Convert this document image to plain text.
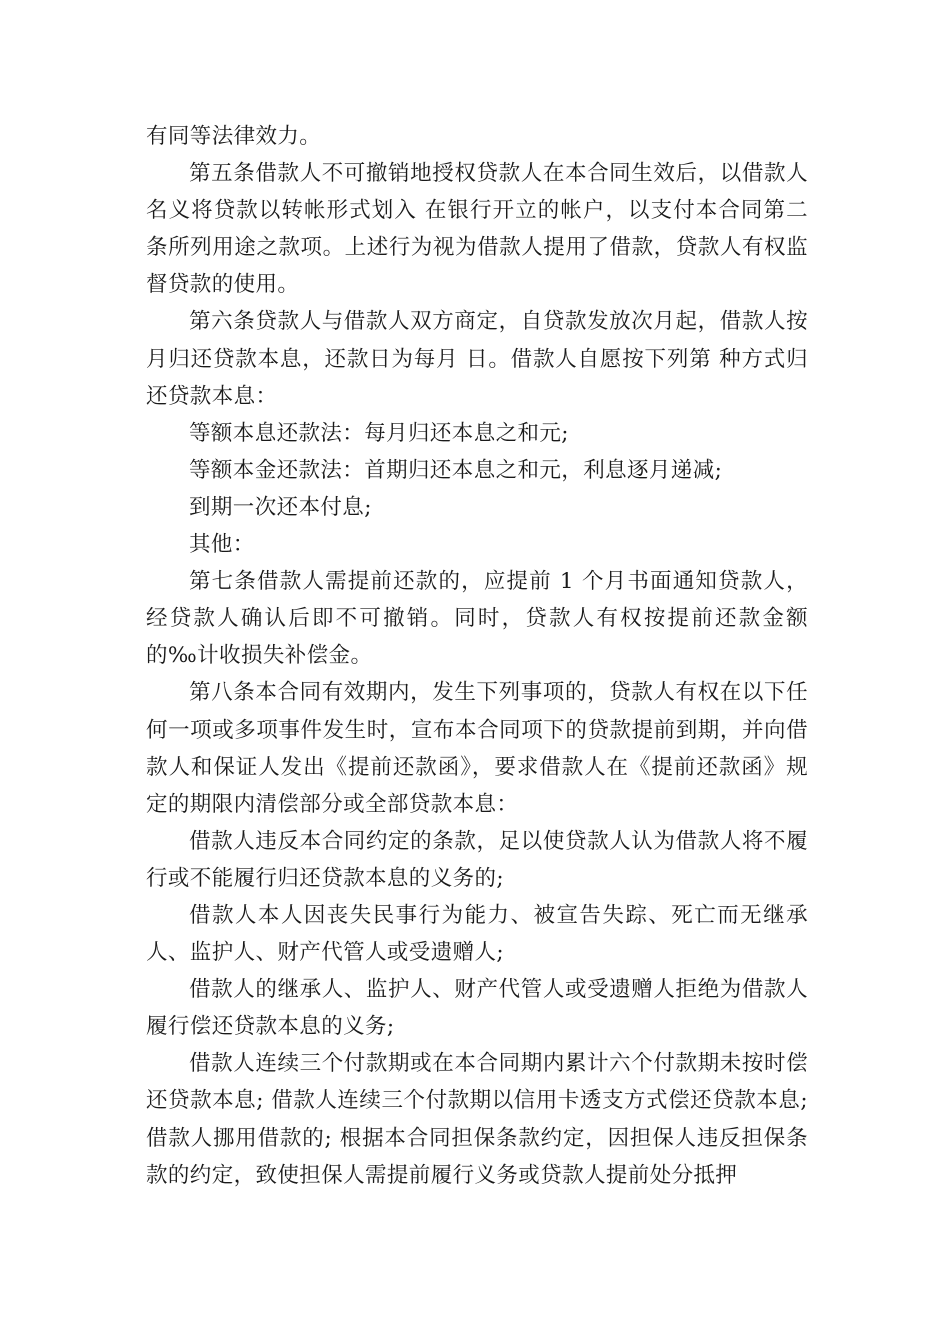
有同等法律效力。

第五条借款人不可撤销地授权贷款人在本合同生效后，以借款人名义将贷款以转帐形式划入 在银行开立的帐户，以支付本合同第二条所列用途之款项。上述行为视为借款人提用了借款，贷款人有权监督贷款的使用。

第六条贷款人与借款人双方商定，自贷款发放次月起，借款人按月归还贷款本息，还款日为每月 日。借款人自愿按下列第 种方式归还贷款本息：

等额本息还款法：每月归还本息之和元;

等额本金还款法：首期归还本息之和元，利息逐月递减;

到期一次还本付息;

其他：

第七条借款人需提前还款的，应提前 1 个月书面通知贷款人，经贷款人确认后即不可撤销。同时，贷款人有权按提前还款金额的‰计收损失补偿金。

第八条本合同有效期内，发生下列事项的，贷款人有权在以下任何一项或多项事件发生时，宣布本合同项下的贷款提前到期，并向借款人和保证人发出《提前还款函》，要求借款人在《提前还款函》规定的期限内清偿部分或全部贷款本息：

借款人违反本合同约定的条款，足以使贷款人认为借款人将不履行或不能履行归还贷款本息的义务的;

借款人本人因丧失民事行为能力、被宣告失踪、死亡而无继承人、监护人、财产代管人或受遗赠人;

借款人的继承人、监护人、财产代管人或受遗赠人拒绝为借款人履行偿还贷款本息的义务;

借款人连续三个付款期或在本合同期内累计六个付款期未按时偿还贷款本息; 借款人连续三个付款期以信用卡透支方式偿还贷款本息; 借款人挪用借款的; 根据本合同担保条款约定，因担保人违反担保条款的约定，致使担保人需提前履行义务或贷款人提前处分抵押
